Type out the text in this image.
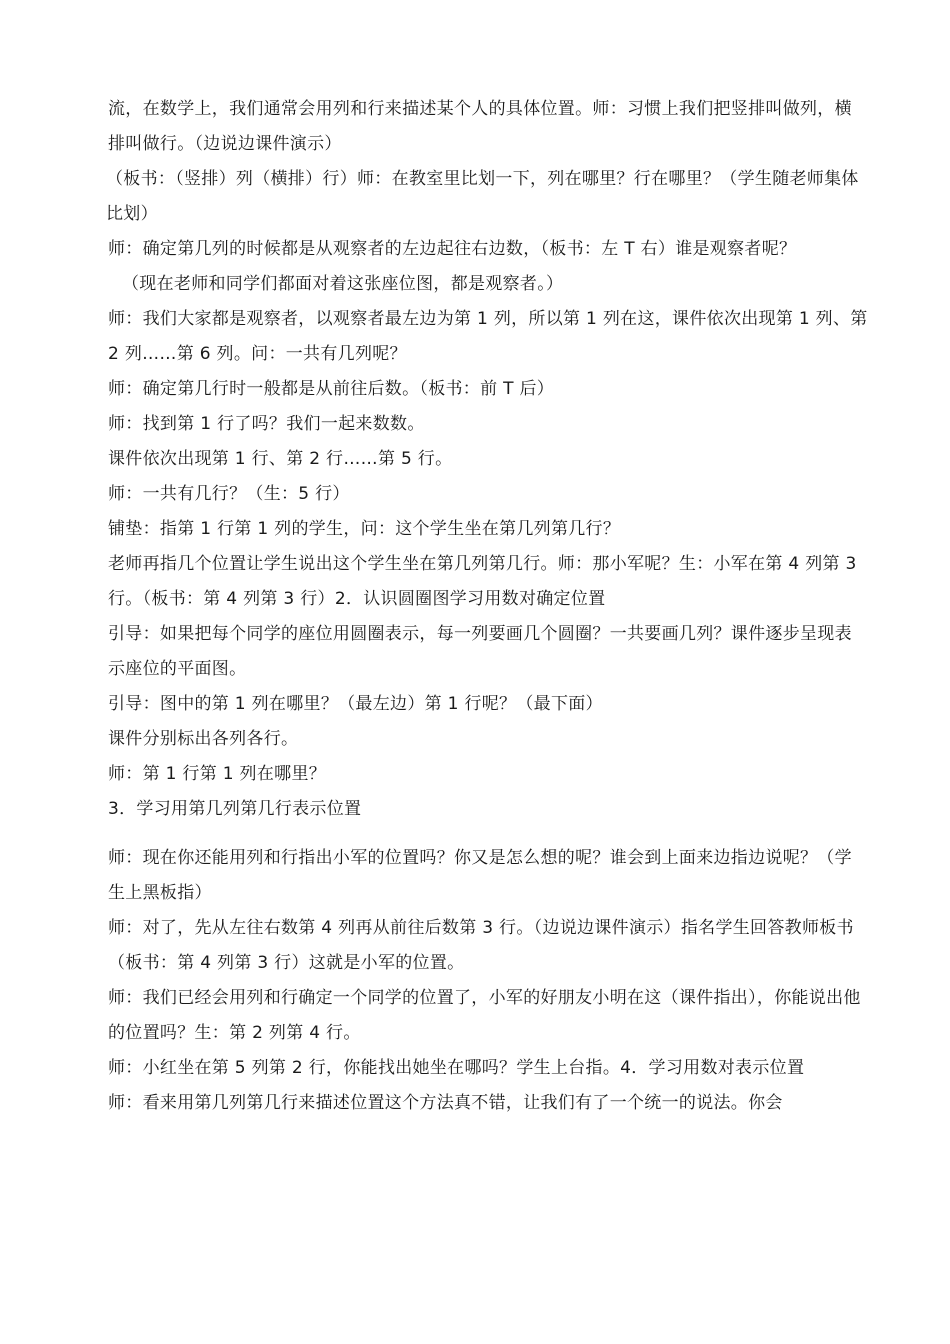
流，在数学上，我们通常会用列和行来描述某个人的具体位置。师：习惯上我们把竖排叫做列，横排叫做行。（边说边课件演示）

（板书：（竖排）列（横排）行）师：在教室里比划一下，列在哪里？行在哪里？（学生随老师集体比划）

师：确定第几列的时候都是从观察者的左边起往右边数，（板书：左 T 右）谁是观察者呢？

（现在老师和同学们都面对着这张座位图，都是观察者。）

师：我们大家都是观察者，以观察者最左边为第 1 列，所以第 1 列在这，课件依次出现第 1 列、第 2 列……第 6 列。问：一共有几列呢？

师：确定第几行时一般都是从前往后数。（板书：前 T 后）

师：找到第 1 行了吗？我们一起来数数。

课件依次出现第 1 行、第 2 行……第 5 行。

师：一共有几行？（生：5 行）

铺垫：指第 1 行第 1 列的学生，问：这个学生坐在第几列第几行？

老师再指几个位置让学生说出这个学生坐在第几列第几行。师：那小军呢？生：小军在第 4 列第 3 行。（板书：第 4 列第 3 行）2．认识圆圈图学习用数对确定位置

引导：如果把每个同学的座位用圆圈表示，每一列要画几个圆圈？一共要画几列？课件逐步呈现表示座位的平面图。

引导：图中的第 1 列在哪里？（最左边）第 1 行呢？（最下面）

课件分别标出各列各行。

师：第 1 行第 1 列在哪里？

3．学习用第几列第几行表示位置

师：现在你还能用列和行指出小军的位置吗？你又是怎么想的呢？谁会到上面来边指边说呢？（学生上黑板指）

师：对了，先从左往右数第 4 列再从前往后数第 3 行。（边说边课件演示）指名学生回答教师板书（板书：第 4 列第 3 行）这就是小军的位置。

师：我们已经会用列和行确定一个同学的位置了，小军的好朋友小明在这（课件指出），你能说出他的位置吗？生：第 2 列第 4 行。

师：小红坐在第 5 列第 2 行，你能找出她坐在哪吗？学生上台指。4．学习用数对表示位置

师：看来用第几列第几行来描述位置这个方法真不错，让我们有了一个统一的说法。你会
